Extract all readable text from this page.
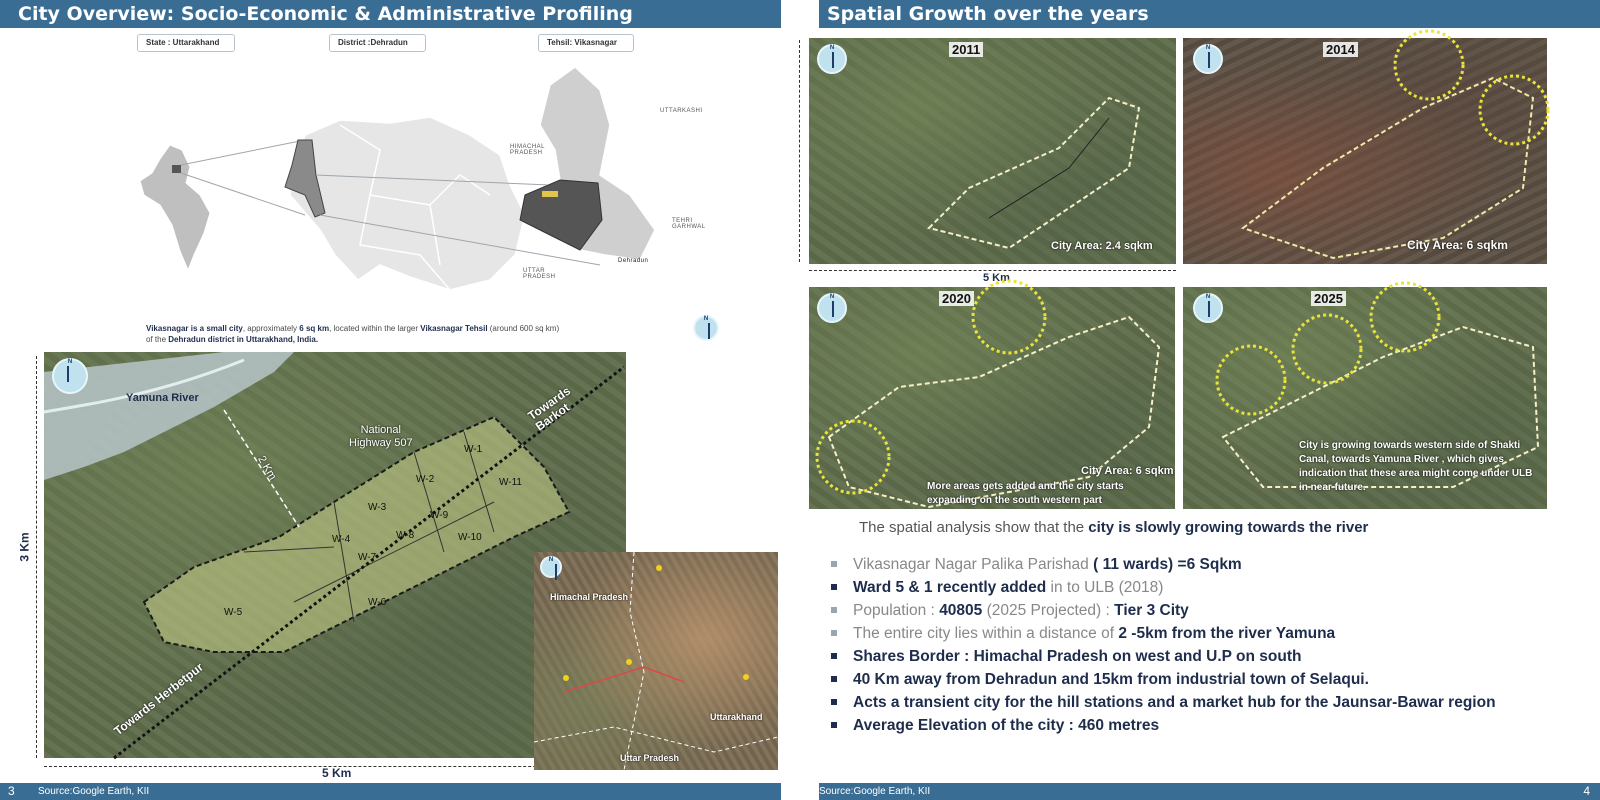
City Overview: Socio-Economic & Administrative Profiling
State : Uttarakhand	District :Dehradun	Tehsil: Vikasnagar
HIMACHAL
PRADESH
UTTAR
PRADESH
UTTARKASHI
TEHRI
GARHWAL
Dehradun
N
Vikasnagar is a small city, approximately 6 sq km, located within the larger Vikasnagar Tehsil (around 600 sq km) of the Dehradun district in Uttarakhand, India.
N
Yamuna River
National
Highway 507
Towards
Barkot
Towards Herbetpur
2 Km
W-1
W-2
W-3
W-4
W-5
W-6
W-7
W-8
W-9
W-10
W-11
3 Km
5 Km
N
Himachal Pradesh
Uttarakhand
Uttar Pradesh
3 Source:Google Earth, KII
Spatial Growth over the years
5 Km
N	2011
City Area: 2.4 sqkm
N	2014
City Area: 6 sqkm
N	2020
City Area: 6 sqkm
More areas gets added and the city starts expanding on the south western part
N	2025
City is growing towards western side of Shakti Canal, towards Yamuna River , which gives indication that these area might come under ULB in near future.
The spatial analysis show that the city is slowly growing towards the river
Vikasnagar Nagar Palika Parishad ( 11 wards) =6 Sqkm
Ward 5 & 1 recently added in to ULB (2018)
Population : 40805 (2025 Projected) : Tier 3 City
The entire city lies within a distance of 2 -5km from the river Yamuna
Shares Border : Himachal Pradesh on west and U.P on south
40 Km away from Dehradun and 15km from industrial town of Selaqui.
Acts a transient city for the hill stations and a market hub for the Jaunsar-Bawar region
Average Elevation of the city : 460 metres
Source:Google Earth, KII	4
